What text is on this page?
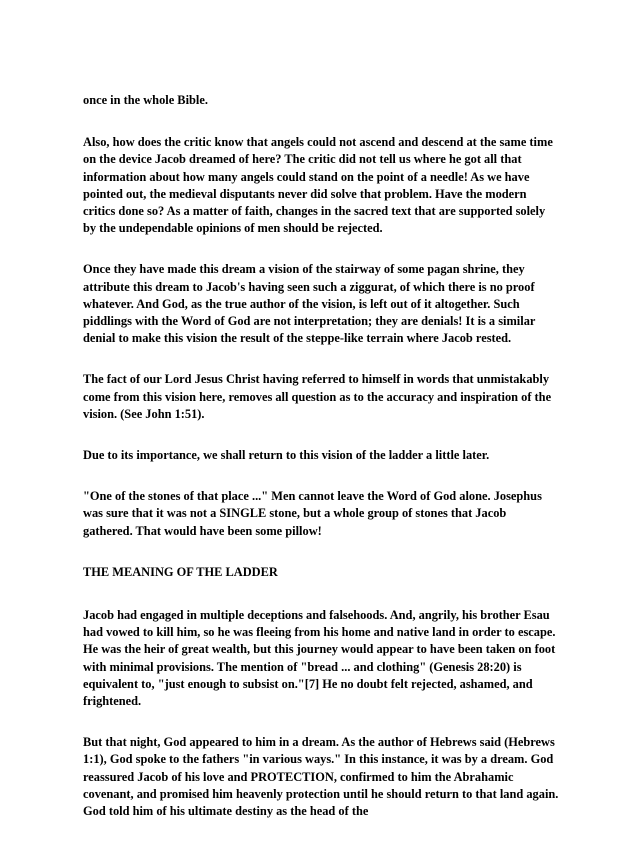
once in the whole Bible.

Also, how does the critic know that angels could not ascend and descend at the same time on the device Jacob dreamed of here? The critic did not tell us where he got all that information about how many angels could stand on the point of a needle! As we have pointed out, the medieval disputants never did solve that problem. Have the modern critics done so? As a matter of faith, changes in the sacred text that are supported solely by the undependable opinions of men should be rejected.

Once they have made this dream a vision of the stairway of some pagan shrine, they attribute this dream to Jacob's having seen such a ziggurat, of which there is no proof whatever. And God, as the true author of the vision, is left out of it altogether. Such piddlings with the Word of God are not interpretation; they are denials! It is a similar denial to make this vision the result of the steppe-like terrain where Jacob rested.

The fact of our Lord Jesus Christ having referred to himself in words that unmistakably come from this vision here, removes all question as to the accuracy and inspiration of the vision. (See John 1:51).

Due to its importance, we shall return to this vision of the ladder a little later.

"One of the stones of that place ..." Men cannot leave the Word of God alone. Josephus was sure that it was not a SINGLE stone, but a whole group of stones that Jacob gathered. That would have been some pillow!

THE MEANING OF THE LADDER

Jacob had engaged in multiple deceptions and falsehoods. And, angrily, his brother Esau had vowed to kill him, so he was fleeing from his home and native land in order to escape. He was the heir of great wealth, but this journey would appear to have been taken on foot with minimal provisions. The mention of "bread ... and clothing" (Genesis 28:20) is equivalent to, "just enough to subsist on."[7] He no doubt felt rejected, ashamed, and frightened.

But that night, God appeared to him in a dream. As the author of Hebrews said (Hebrews 1:1), God spoke to the fathers "in various ways." In this instance, it was by a dream. God reassured Jacob of his love and PROTECTION, confirmed to him the Abrahamic covenant, and promised him heavenly protection until he should return to that land again. God told him of his ultimate destiny as the head of the
